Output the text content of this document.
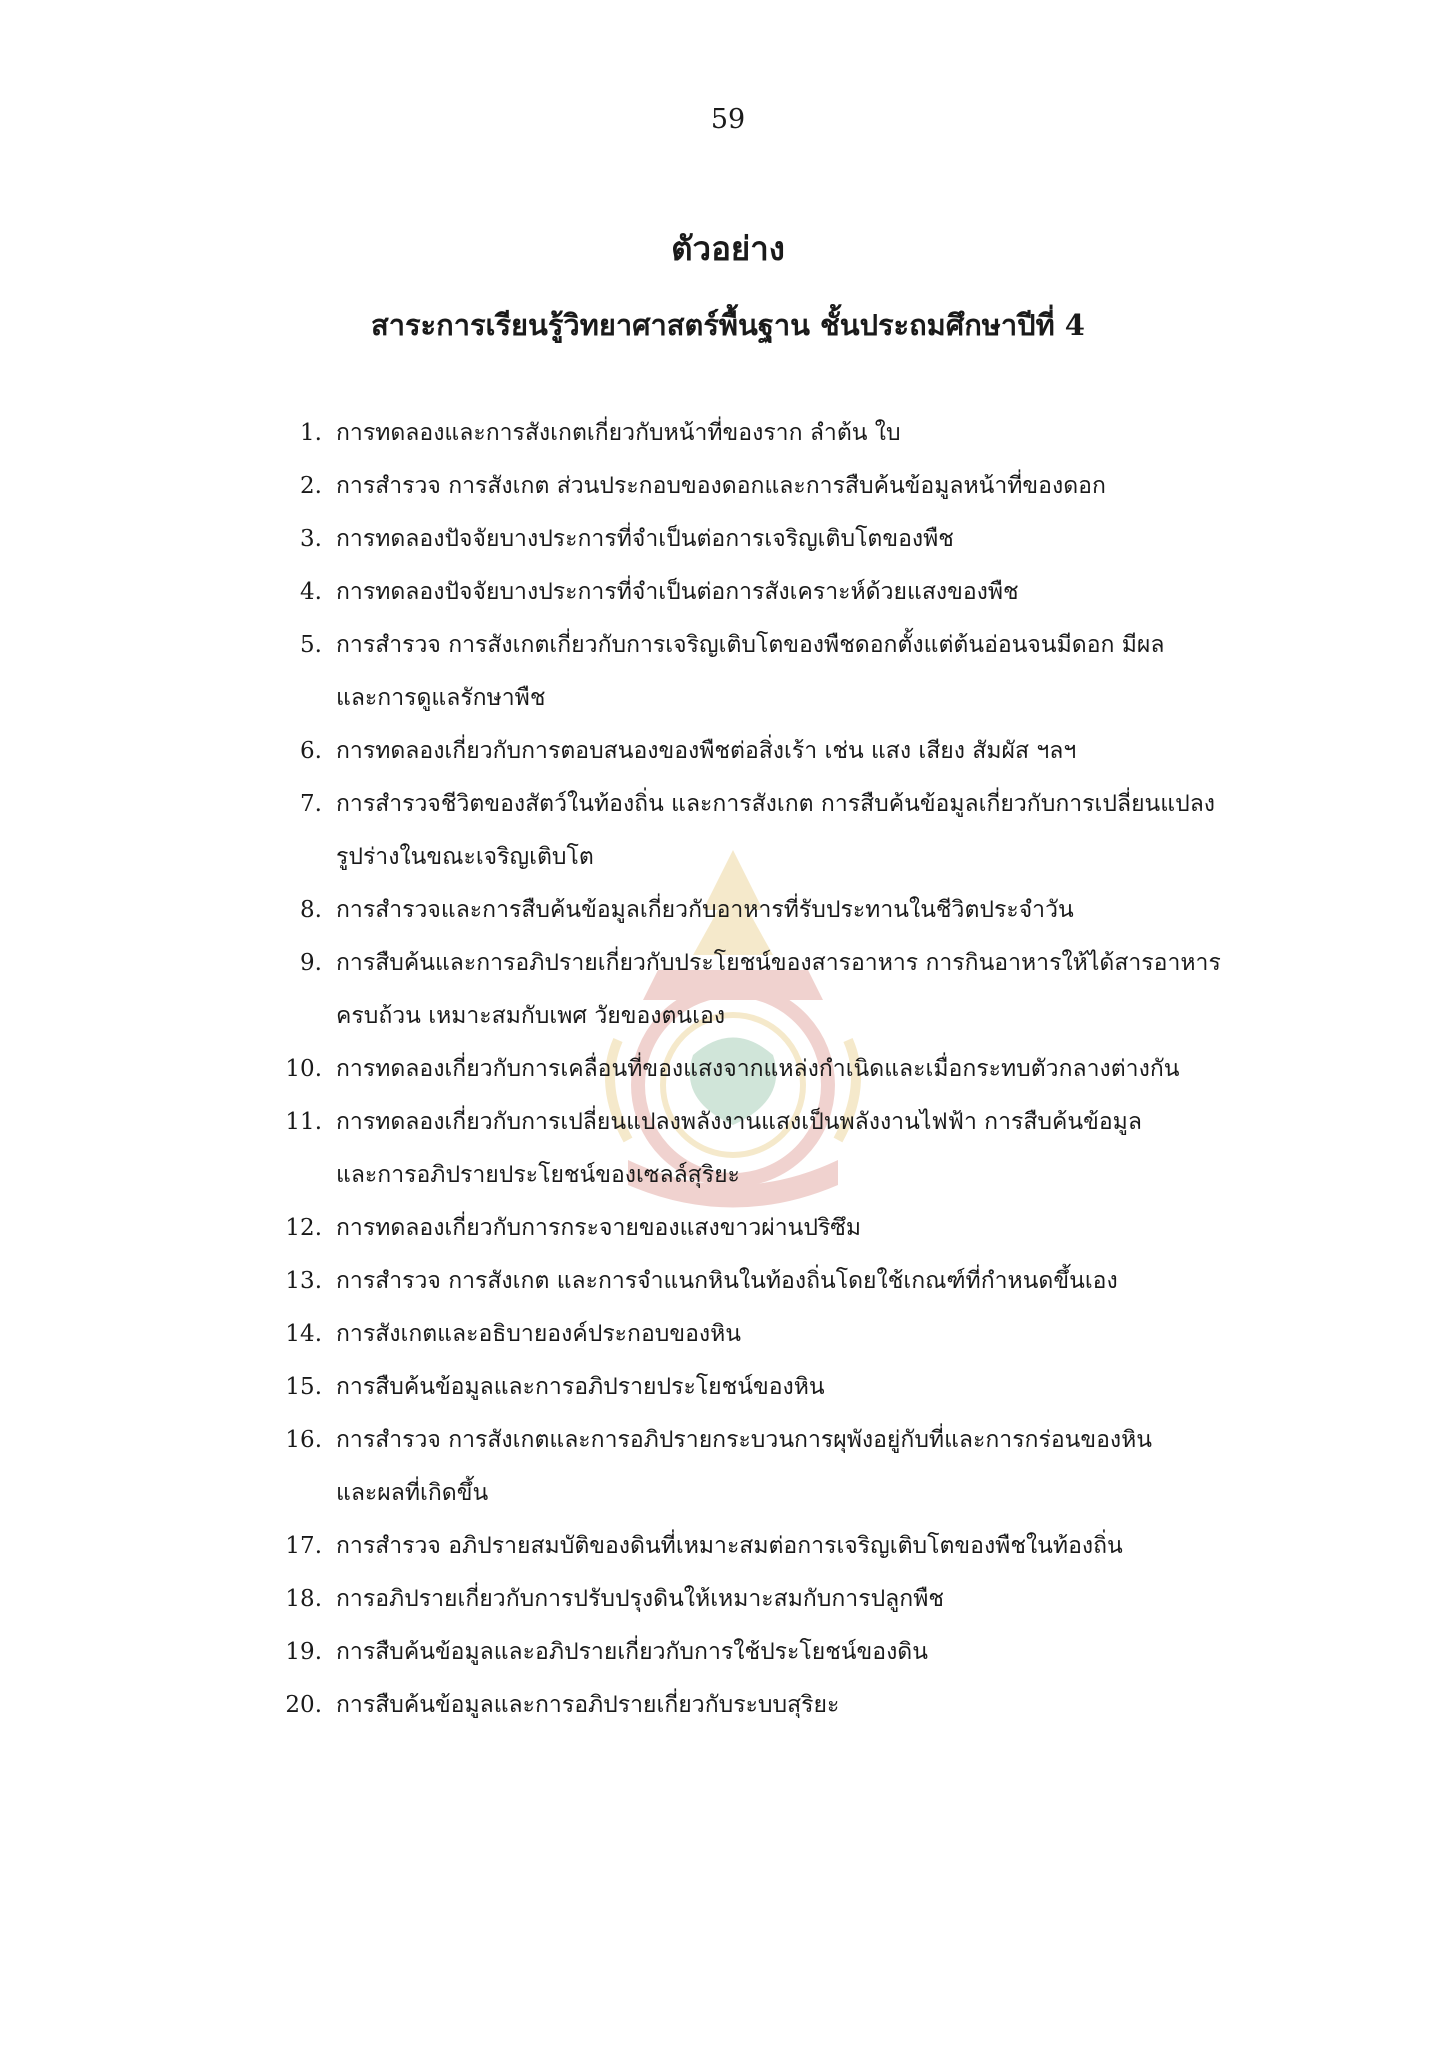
59
ตัวอย่าง
สาระการเรียนรู้วิทยาศาสตร์พื้นฐาน ชั้นประถมศึกษาปีที่ 4
1. การทดลองและการสังเกตเกี่ยวกับหน้าที่ของราก ลำต้น ใบ
2. การสำรวจ การสังเกต ส่วนประกอบของดอกและการสืบค้นข้อมูลหน้าที่ของดอก
3. การทดลองปัจจัยบางประการที่จำเป็นต่อการเจริญเติบโตของพืช
4. การทดลองปัจจัยบางประการที่จำเป็นต่อการสังเคราะห์ด้วยแสงของพืช
5. การสำรวจ การสังเกตเกี่ยวกับการเจริญเติบโตของพืชดอกตั้งแต่ต้นอ่อนจนมีดอก มีผล
และการดูแลรักษาพืช
6. การทดลองเกี่ยวกับการตอบสนองของพืชต่อสิ่งเร้า เช่น แสง เสียง สัมผัส ฯลฯ
7. การสำรวจชีวิตของสัตว์ในท้องถิ่น และการสังเกต การสืบค้นข้อมูลเกี่ยวกับการเปลี่ยนแปลง
รูปร่างในขณะเจริญเติบโต
8. การสำรวจและการสืบค้นข้อมูลเกี่ยวกับอาหารที่รับประทานในชีวิตประจำวัน
9. การสืบค้นและการอภิปรายเกี่ยวกับประโยชน์ของสารอาหาร การกินอาหารให้ได้สารอาหาร
ครบถ้วน เหมาะสมกับเพศ วัยของตนเอง
10. การทดลองเกี่ยวกับการเคลื่อนที่ของแสงจากแหล่งกำเนิดและเมื่อกระทบตัวกลางต่างกัน
11. การทดลองเกี่ยวกับการเปลี่ยนแปลงพลังงานแสงเป็นพลังงานไฟฟ้า การสืบค้นข้อมูล
และการอภิปรายประโยชน์ของเซลล์สุริยะ
12. การทดลองเกี่ยวกับการกระจายของแสงขาวผ่านปริซึม
13. การสำรวจ การสังเกต และการจำแนกหินในท้องถิ่นโดยใช้เกณฑ์ที่กำหนดขึ้นเอง
14. การสังเกตและอธิบายองค์ประกอบของหิน
15. การสืบค้นข้อมูลและการอภิปรายประโยชน์ของหิน
16. การสำรวจ การสังเกตและการอภิปรายกระบวนการผุพังอยู่กับที่และการกร่อนของหิน
และผลที่เกิดขึ้น
17. การสำรวจ อภิปรายสมบัติของดินที่เหมาะสมต่อการเจริญเติบโตของพืชในท้องถิ่น
18. การอภิปรายเกี่ยวกับการปรับปรุงดินให้เหมาะสมกับการปลูกพืช
19. การสืบค้นข้อมูลและอภิปรายเกี่ยวกับการใช้ประโยชน์ของดิน
20. การสืบค้นข้อมูลและการอภิปรายเกี่ยวกับระบบสุริยะ
